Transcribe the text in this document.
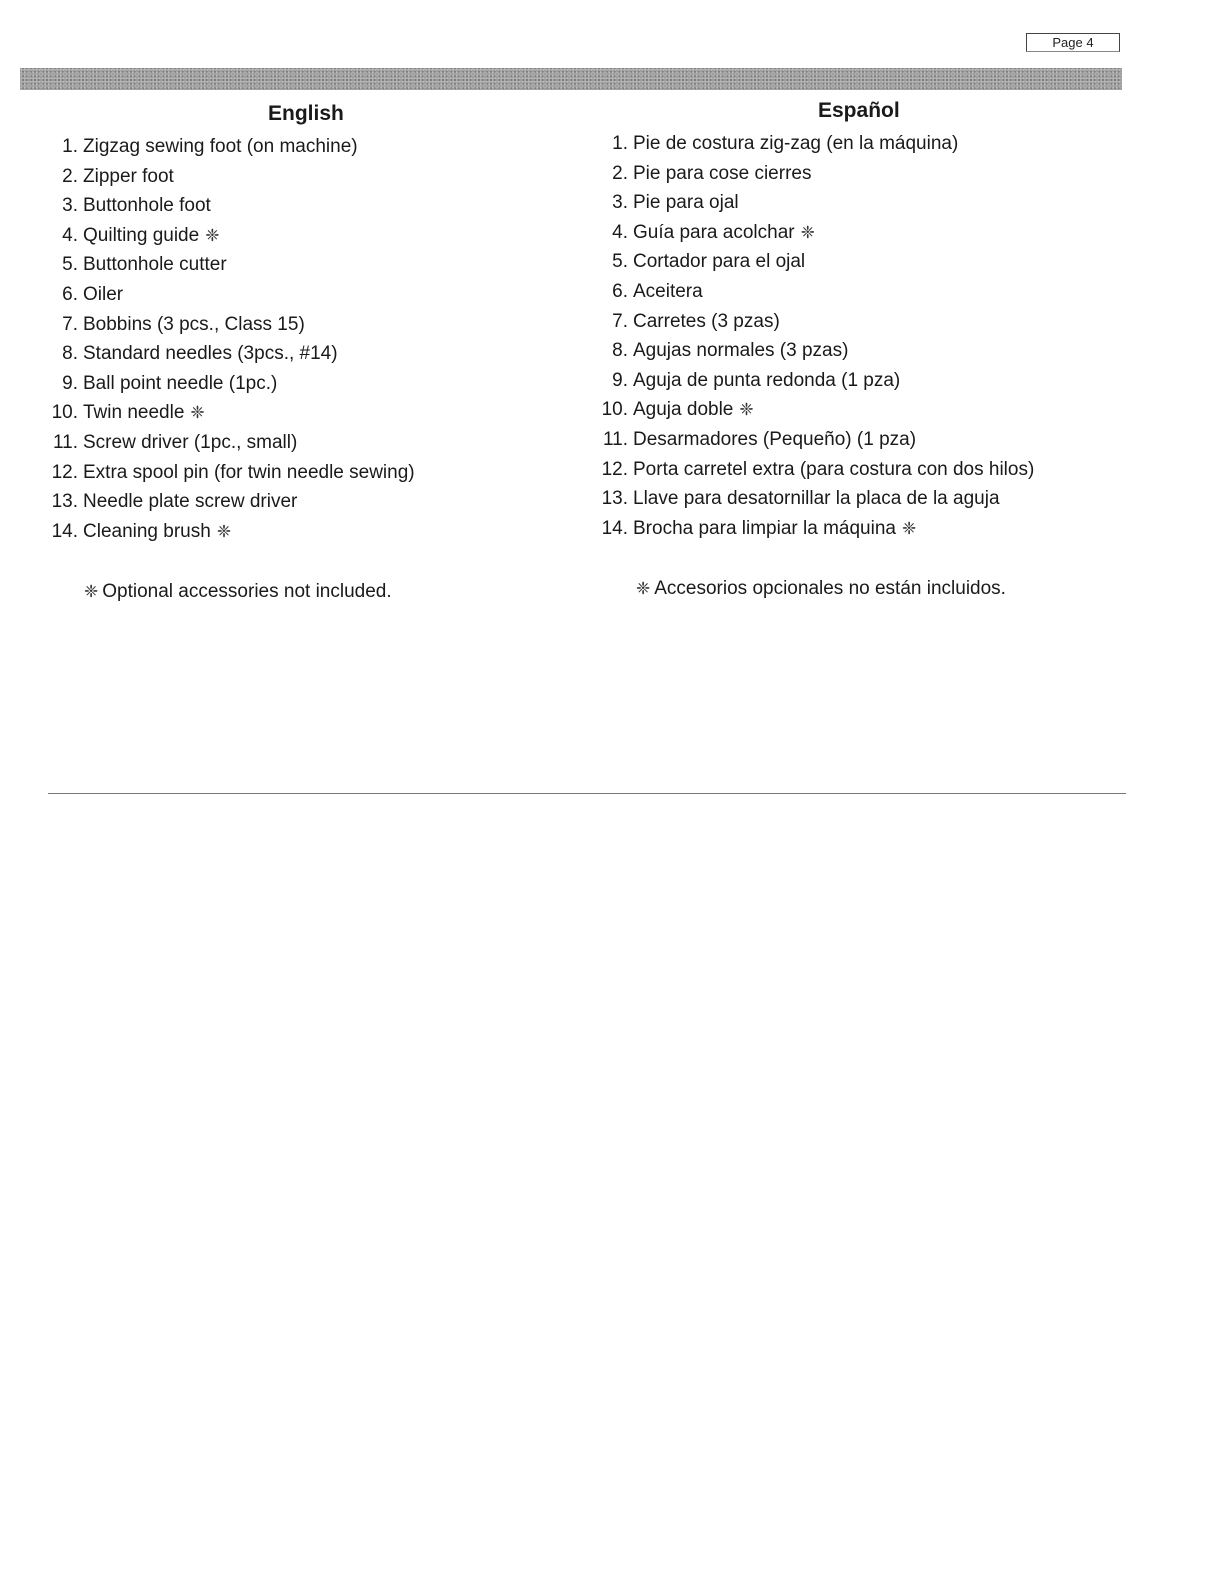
Page 4
English
1. Zigzag sewing foot (on machine)
2. Zipper foot
3. Buttonhole foot
4. Quilting guide ❈
5. Buttonhole cutter
6. Oiler
7. Bobbins (3 pcs., Class 15)
8. Standard needles (3pcs., #14)
9. Ball point needle (1pc.)
10. Twin needle ❈
11. Screw driver (1pc., small)
12. Extra spool pin (for twin needle sewing)
13. Needle plate screw driver
14. Cleaning brush ❈
❈ Optional accessories not included.
Español
1. Pie de costura zig-zag (en la máquina)
2. Pie para cose cierres
3. Pie para ojal
4. Guía para acolchar ❈
5. Cortador para el ojal
6. Aceitera
7. Carretes (3 pzas)
8. Agujas normales (3 pzas)
9. Aguja de punta redonda (1 pza)
10. Aguja doble ❈
11. Desarmadores (Pequeño) (1 pza)
12. Porta carretel extra (para costura con dos hilos)
13. Llave para desatornillar la placa de la aguja
14. Brocha para limpiar la máquina ❈
❈ Accesorios opcionales no están incluidos.
